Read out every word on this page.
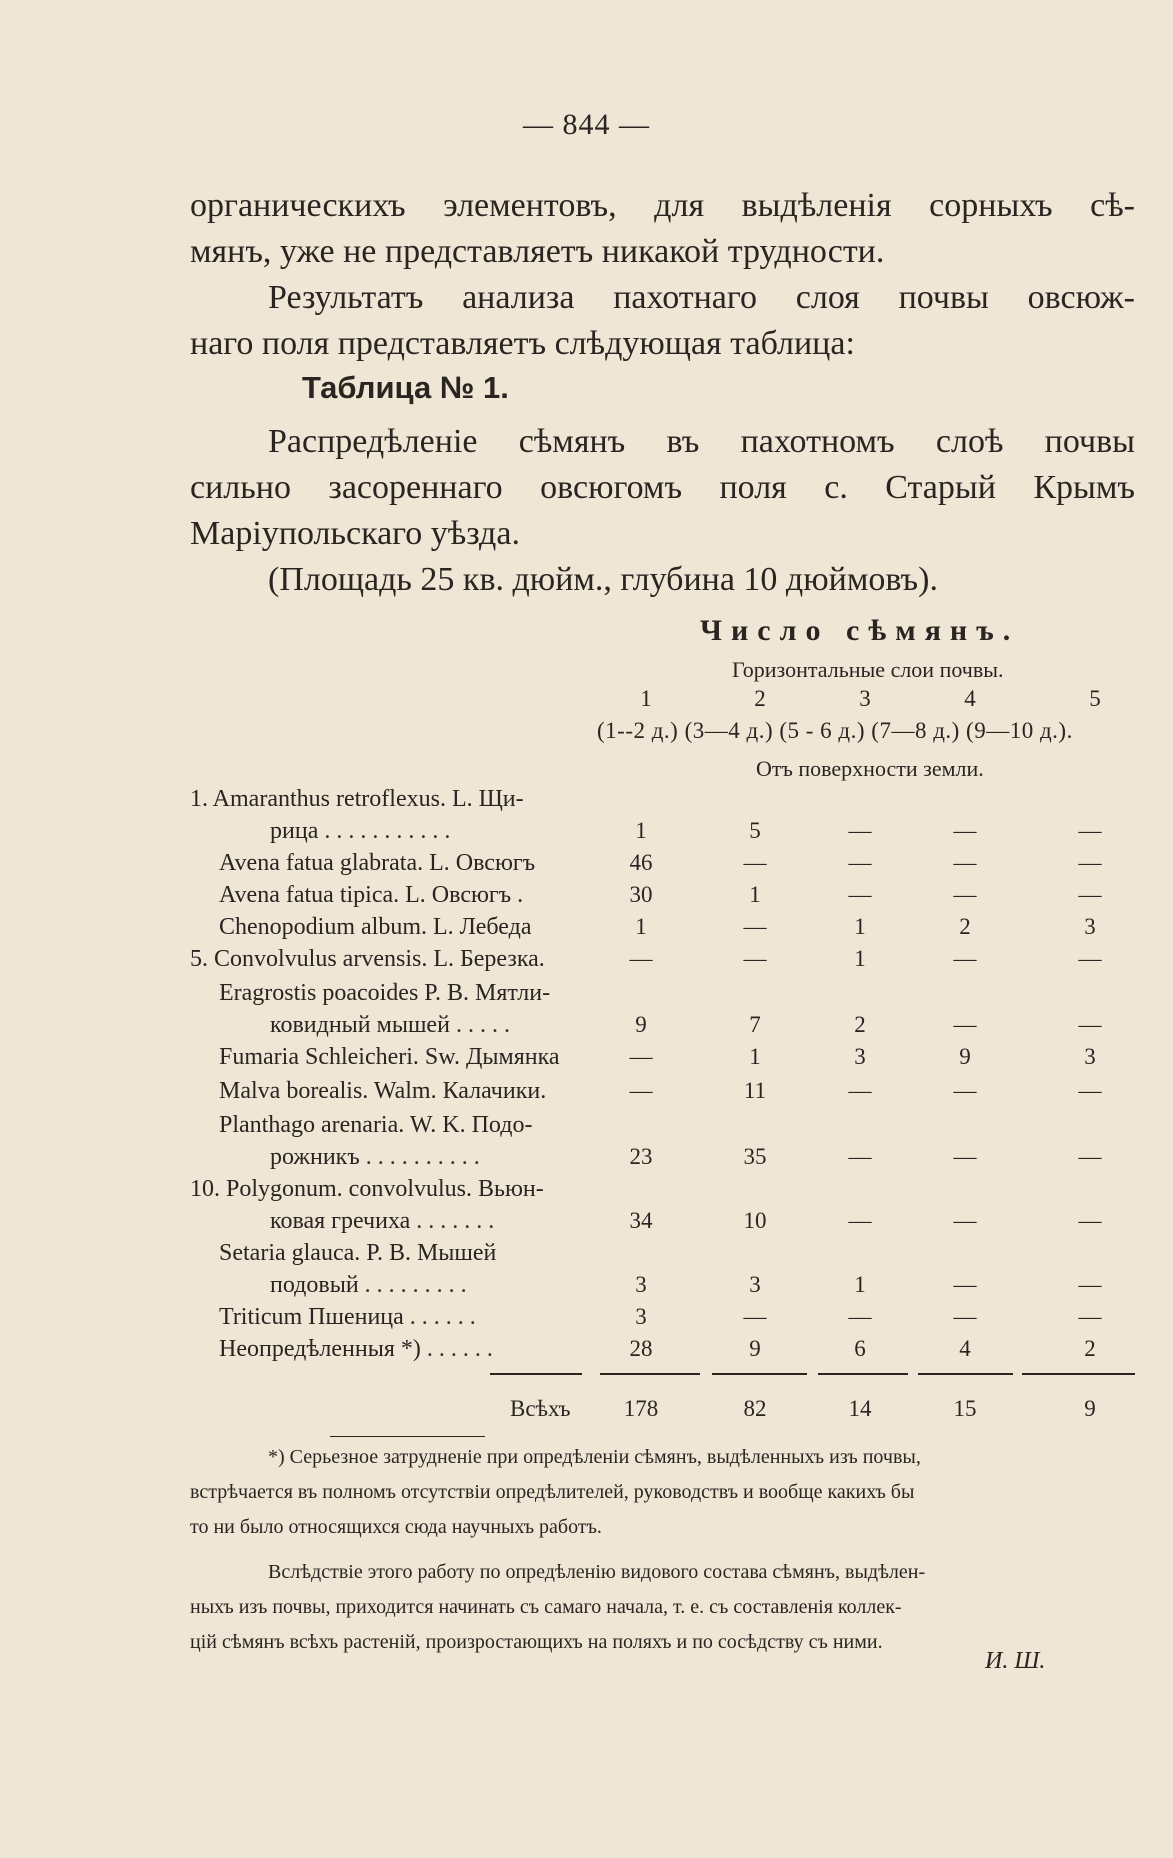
— 844 —
органическихъ элементовъ, для выдѣленія сорныхъ сѣ-
мянъ, уже не представляетъ никакой трудности.
Результатъ анализа пахотнаго слоя почвы овсюж-
наго поля представляетъ слѣдующая таблица:
Таблица № 1.
Распредѣленіе сѣмянъ въ пахотномъ слоѣ почвы
сильно засореннаго овсюгомъ поля с. Старый Крымъ
Маріупольскаго уѣзда.
(Площадь 25 кв. дюйм., глубина 10 дюймовъ).
Число сѣмянъ.
Горизонтальные слои почвы.
1	2	3	4	5
(1--2 д.) (3—4 д.) (5 - 6 д.) (7—8 д.) (9—10 д.).
Отъ поверхности земли.
1. Amaranthus retroflexus. L. Щи-
рица . . . . . . . . . . .	1	5	—	—	—
Avena fatua glabrata. L. Овсюгъ	46	—	—	—	—
Avena fatua tipica. L. Овсюгъ .	30	1	—	—	—
Chenopodium album. L. Лебеда	1	—	1	2	3
5. Convolvulus arvensis. L. Березка.	—	—	1	—	—
Eragrostis poacoides P. B. Мятли-
ковидный мышей . . . . .	9	7	2	—	—
Fumaria Schleicheri. Sw. Дымянка	—	1	3	9	3
Malva borealis. Walm. Калачики.	—	11	—	—	—
Planthago arenaria. W. K. Подо-
рожникъ . . . . . . . . . .	23	35	—	—	—
10. Polygonum. convolvulus. Вьюн-
ковая гречиха . . . . . . .	34	10	—	—	—
Setaria glauca. P. B. Мышей
подовый . . . . . . . . .	3	3	1	—	—
Triticum Пшеница . . . . . .	3	—	—	—	—
Неопредѣленныя *) . . . . . .	28	9	6	4	2
Всѣхъ	178	82	14	15	9
*) Серьезное затрудненіе при опредѣленіи сѣмянъ, выдѣленныхъ изъ почвы,
встрѣчается въ полномъ отсутствіи опредѣлителей, руководствъ и вообще какихъ бы
то ни было относящихся сюда научныхъ работъ.
Вслѣдствіе этого работу по опредѣленію видового состава сѣмянъ, выдѣлен-
ныхъ изъ почвы, приходится начинать съ самаго начала, т. е. съ составленія коллек-
цій сѣмянъ всѣхъ растеній, произростающихъ на поляхъ и по сосѣдству съ ними.
И. Ш.
